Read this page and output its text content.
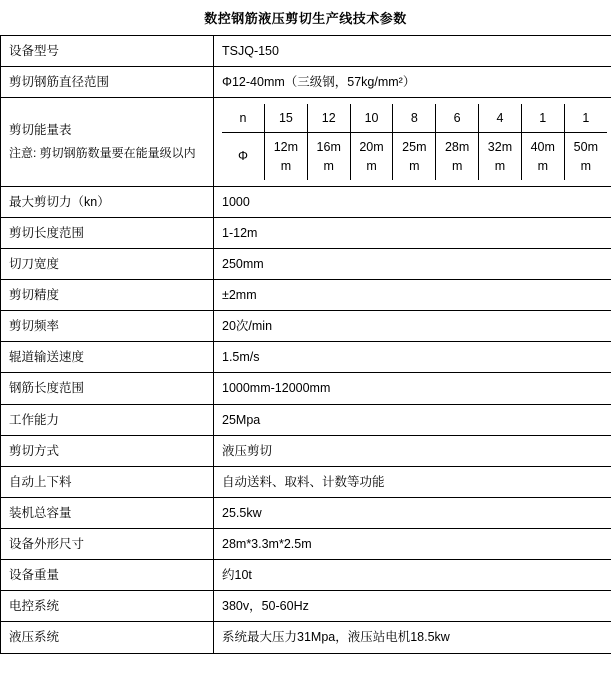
数控钢筋液压剪切生产线技术参数
设备型号	TSJQ-150
剪切钢筋直径范围	Φ12-40mm（三级钢，57kg/mm²）

剪切能量表
注意: 剪切钢筋数量要在能量级以内

n	15	12	10	8	6	4	1	1
Φ	12mm	16mm	20mm	25mm	28mm	32mm	40mm	50mm

最大剪切力（kn）	1000
剪切长度范围	1-12m
切刀宽度	250mm
剪切精度	±2mm
剪切频率	20次/min
辊道输送速度	1.5m/s
钢筋长度范围	1000mm-12000mm
工作能力	25Mpa
剪切方式	液压剪切
自动上下料	自动送料、取料、计数等功能
装机总容量	25.5kw
设备外形尺寸	28m*3.3m*2.5m
设备重量	约10t
电控系统	380v，50-60Hz
液压系统	系统最大压力31Mpa，液压站电机18.5kw
